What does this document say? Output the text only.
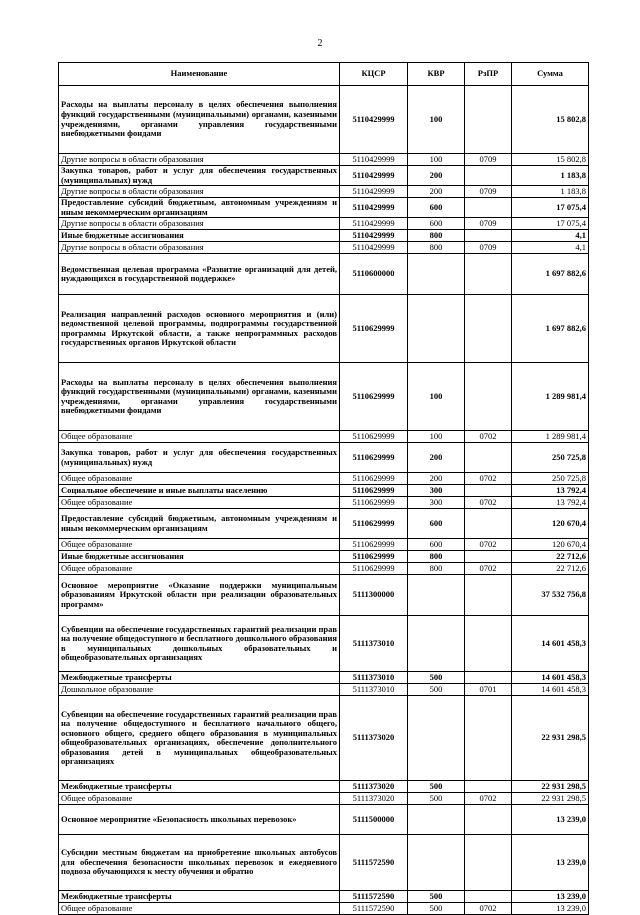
2
Наименование	КЦСР	КВР	РзПР	Сумма
Расходы на выплаты персоналу в целях обеспечения выполнения функций государственными (муниципальными) органами, казенными учреждениями, органами управления государственными внебюджетными фондами	5110429999	100		15 802,8
Другие вопросы в области образования	5110429999	100	0709	15 802,8
Закупка товаров, работ и услуг для обеспечения государственных (муниципальных) нужд	5110429999	200		1 183,8
Другие вопросы в области образования	5110429999	200	0709	1 183,8
Предоставление субсидий бюджетным, автономным учреждениям и иным некоммерческим организациям	5110429999	600		17 075,4
Другие вопросы в области образования	5110429999	600	0709	17 075,4
Иные бюджетные ассигнования	5110429999	800		4,1
Другие вопросы в области образования	5110429999	800	0709	4,1
Ведомственная целевая программа «Развитие организаций для детей, нуждающихся в государственной поддержке»	5110600000			1 697 882,6
Реализация направлений расходов основного мероприятия и (или) ведомственной целевой программы, подпрограммы государственной программы Иркутской области, а также непрограммных расходов государственных органов Иркутской области	5110629999			1 697 882,6
Расходы на выплаты персоналу в целях обеспечения выполнения функций государственными (муниципальными) органами, казенными учреждениями, органами управления государственными внебюджетными фондами	5110629999	100		1 289 981,4
Общее образование	5110629999	100	0702	1 289 981,4
Закупка товаров, работ и услуг для обеспечения государственных (муниципальных) нужд	5110629999	200		250 725,8
Общее образование	5110629999	200	0702	250 725,8
Социальное обеспечение и иные выплаты населению	5110629999	300		13 792,4
Общее образование	5110629999	300	0702	13 792,4
Предоставление субсидий бюджетным, автономным учреждениям и иным некоммерческим организациям	5110629999	600		120 670,4
Общее образование	5110629999	600	0702	120 670,4
Иные бюджетные ассигнования	5110629999	800		22 712,6
Общее образование	5110629999	800	0702	22 712,6
Основное мероприятие «Оказание поддержки муниципальным образованиям Иркутской области при реализации образовательных программ»	5111300000			37 532 756,8
Субвенции на обеспечение государственных гарантий реализации прав на получение общедоступного и бесплатного дошкольного образования в муниципальных дошкольных образовательных и общеобразовательных организациях	5111373010			14 601 458,3
Межбюджетные трансферты	5111373010	500		14 601 458,3
Дошкольное образование	5111373010	500	0701	14 601 458,3
Субвенции на обеспечение государственных гарантий реализации прав на получение общедоступного и бесплатного начального общего, основного общего, среднего общего образования в муниципальных общеобразовательных организациях, обеспечение дополнительного образования детей в муниципальных общеобразовательных организациях	5111373020			22 931 298,5
Межбюджетные трансферты	5111373020	500		22 931 298,5
Общее образование	5111373020	500	0702	22 931 298,5
Основное мероприятие «Безопасность школьных перевозок»	5111500000			13 239,0
Субсидии местным бюджетам на приобретение школьных автобусов для обеспечения безопасности школьных перевозок и ежедневного подвоза обучающихся к месту обучения и обратно	5111572590			13 239,0
Межбюджетные трансферты	5111572590	500		13 239,0
Общее образование	5111572590	500	0702	13 239,0
